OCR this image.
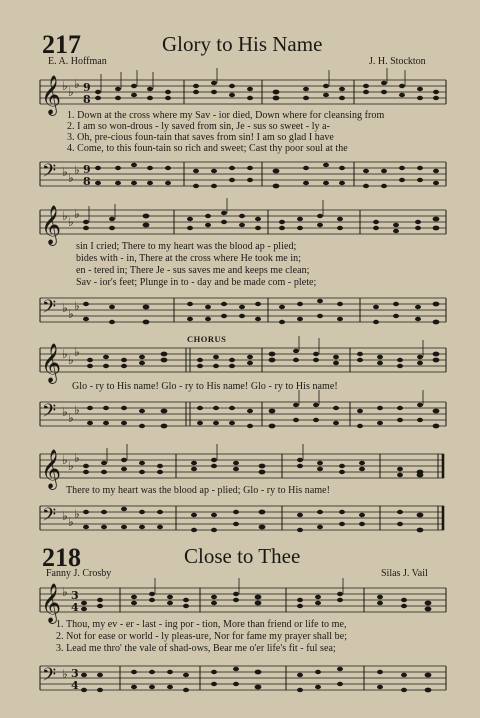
217	Glory to His Name
E. A. Hoffman	J. H. Stockton
𝄞 ♭ ♭
♭ 9
8
1. Down at the cross where my Sav - ior died, Down where for cleansing from
2. I am so won-drous - ly saved from sin, Je - sus so sweet - ly a-
3. Oh, pre-cious foun-tain that saves from sin! I am so glad I have
4. Come, to this foun-tain so rich and sweet; Cast thy poor soul at the
𝄢 ♭ ♭
♭ 9
8
𝄞 ♭ ♭
♭
sin I cried; There to my heart was the blood ap - plied;
bides with - in, There at the cross where He took me in;
en - tered in; There Je - sus saves me and keeps me clean;
Sav - ior's feet; Plunge in to - day and be made com - plete;
𝄢 ♭ ♭
♭
CHORUS
𝄞 ♭ ♭
♭
Glo - ry to His name! Glo - ry to His name! Glo - ry to His name!
𝄢 ♭ ♭
♭
𝄞 ♭ ♭
♭
There to my heart was the blood ap - plied; Glo - ry to His name!
𝄢 ♭ ♭
♭
218	Close to Thee
Fanny J. Crosby	Silas J. Vail
𝄞 ♭ 3
4
1. Thou, my ev - er - last - ing por - tion, More than friend or life to me,
2. Not for ease or world - ly pleas-ure, Nor for fame my prayer shall be;
3. Lead me thro' the vale of shad-ows, Bear me o'er life's fit - ful sea;
𝄢 ♭ 3
4
